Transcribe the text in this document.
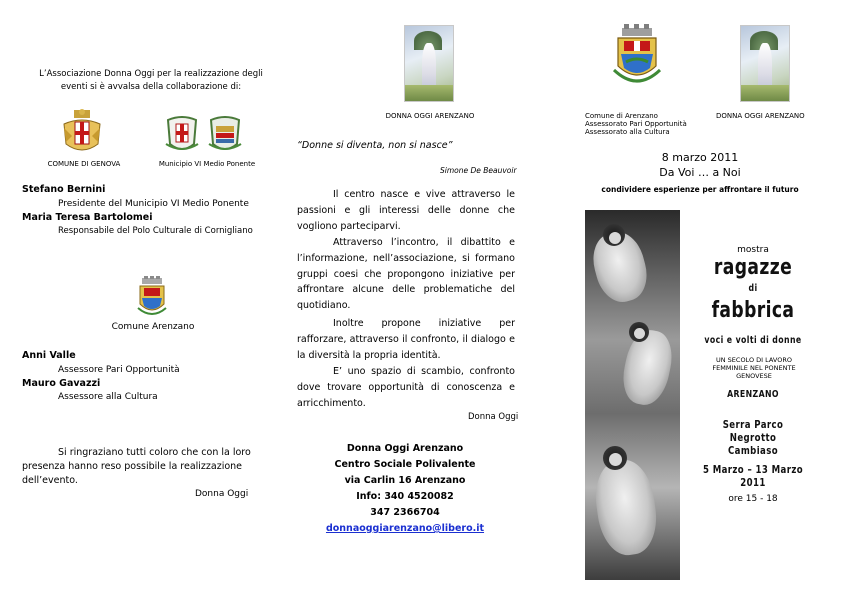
L’Associazione Donna Oggi per la realizzazione degli eventi si è avvalsa della collaborazione di:
COMUNE DI GENOVA	Municipio VI Medio Ponente
Stefano Bernini
Presidente del Municipio VI Medio Ponente
Maria Teresa Bartolomei
Responsabile del Polo Culturale di Cornigliano
Comune Arenzano
Anni Valle
Assessore Pari Opportunità
Mauro Gavazzi
Assessore alla Cultura
Si ringraziano tutti coloro che con la loro presenza hanno reso possibile la realizzazione dell’evento.
Donna Oggi
DONNA OGGI ARENZANO
“Donne si diventa, non si nasce”
Simone De Beauvoir
Il centro nasce e vive attraverso le passioni e gli interessi delle donne che vogliono parteciparvi.
Attraverso l’incontro, il dibattito e l’informazione, nell’associazione, si formano gruppi coesi che propongono iniziative per affrontare alcune delle problematiche del quotidiano.
Inoltre propone iniziative per rafforzare, attraverso il confronto, il dialogo e la diversità la propria identità.
E’ uno spazio di scambio, confronto dove trovare opportunità di conoscenza e arricchimento.
Donna Oggi
Donna Oggi Arenzano
Centro Sociale Polivalente
via Carlin 16 Arenzano
Info: 340 4520082
347 2366704
donnaoggiarenzano@libero.it
Comune di Arenzano
Assessorato Pari Opportunità
Assessorato alla Cultura
DONNA OGGI ARENZANO
8 marzo 2011
Da Voi … a Noi
condividere esperienze per affrontare il futuro
mostra
ragazze
di
fabbrica
voci e volti di donne
UN SECOLO DI LAVORO FEMMINILE NEL PONENTE GENOVESE
ARENZANO
Serra Parco Negrotto Cambiaso
5 Marzo – 13 Marzo 2011
ore 15 - 18
